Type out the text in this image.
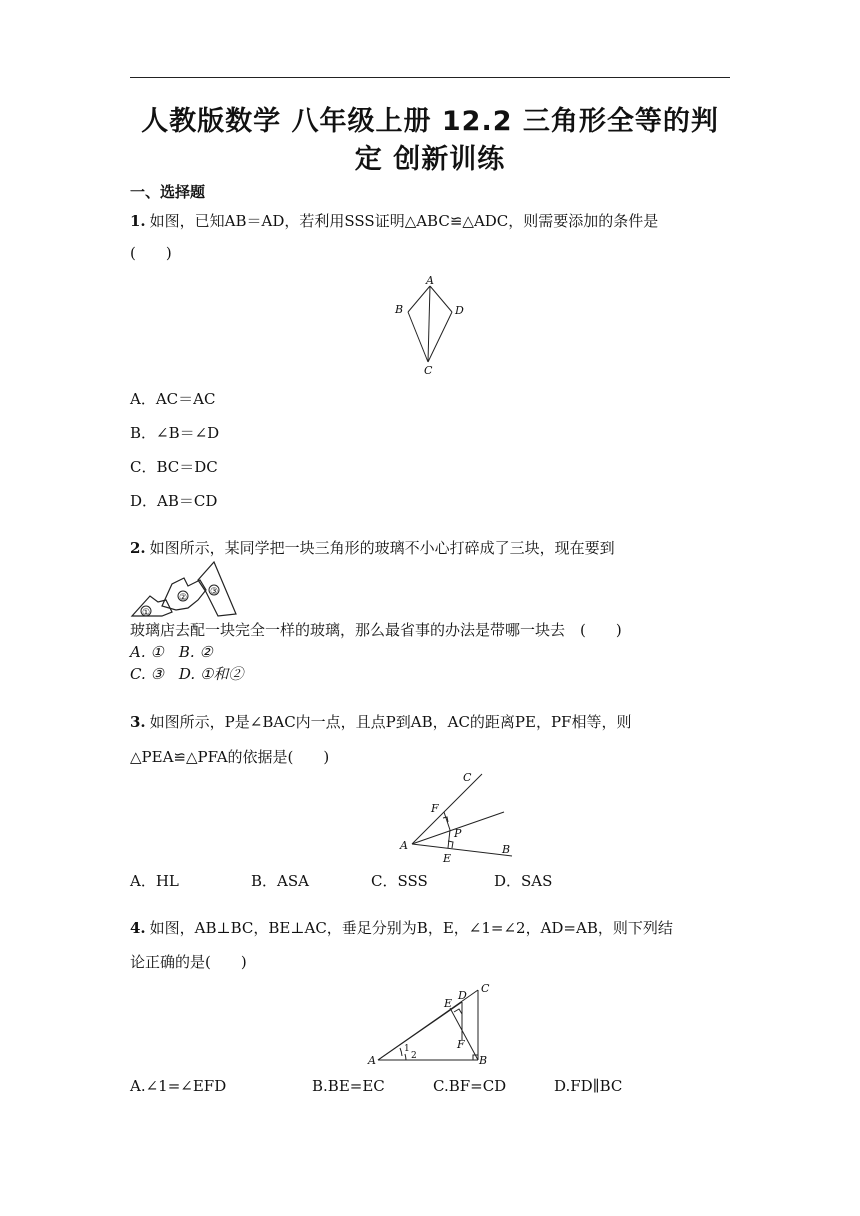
人教版数学 八年级上册 12.2 三角形全等的判
定 创新训练
一、选择题
1. 如图，已知AB＝AD，若利用SSS证明△ABC≌△ADC，则需要添加的条件是
(　　)
A
B	D
C
A．AC＝AC
B．∠B＝∠D
C．BC＝DC
D．AB＝CD
2. 如图所示，某同学把一块三角形的玻璃不小心打碎成了三块，现在要到
①
②
③
玻璃店去配一块完全一样的玻璃，那么最省事的办法是带哪一块去　(　　)
A. ①　B. ②
C. ③　D. ①和②
3. 如图所示，P是∠BAC内一点，且点P到AB，AC的距离PE，PF相等，则
△PEA≌△PFA的依据是(　　)
C
F
P
A
E
B
A．HL	B．ASA	C．SSS	D．SAS
4. 如图，AB⊥BC，BE⊥AC，垂足分别为B，E，∠1=∠2，AD=AB，则下列结
论正确的是(　　)
C
D
E
F
A
1
2	B
A.∠1=∠EFD	B.BE=EC	C.BF=CD	D.FD∥BC
